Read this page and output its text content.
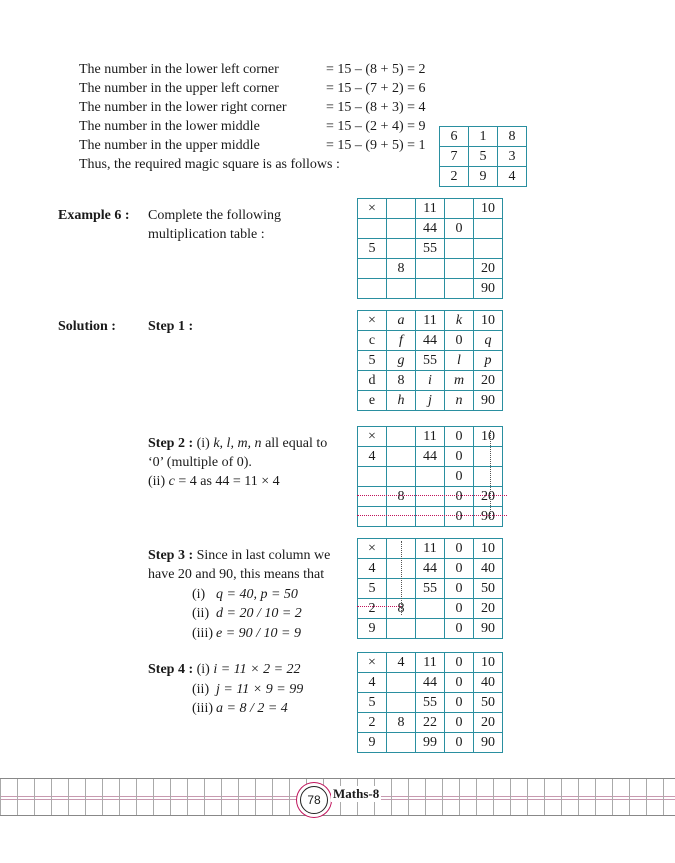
The number in the lower left corner	= 15 – (8 + 5) = 2
The number in the upper left corner	= 15 – (7 + 2) = 6
The number in the lower right corner	= 15 – (8 + 3) = 4
The number in the lower middle	= 15 – (2 + 4) = 9
The number in the upper middle	= 15 – (9 + 5) = 1
Thus, the required magic square is as follows :
6	1	8
7	5	3
2	9	4
Example 6 : Complete the following
multiplication table :
×		11		10
		44	0	
5		55		
	8			20
				90
Solution : Step 1 :	×	a	11	k	10
c	f	44	0	q
5	g	55	l	p
d	8	i	m	20
e	h	j	n	90
Step 2 : (i) k, l, m, n all equal to
‘0’ (multiple of 0).
(ii) c = 4 as 44 = 11 × 4
×		11	0	10
4		44	0	
			0	
	8		0	20
			0	90
Step 3 : Since in last column we
have 20 and 90, this means that
(i) q = 40, p = 50
(ii) d = 20 / 10 = 2
(iii) e = 90 / 10 = 9
×		11	0	10
4		44	0	40
5		55	0	50
2	8		0	20
9			0	90
Step 4 : (i) i = 11 × 2 = 22
(ii) j = 11 × 9 = 99
(iii) a = 8 / 2 = 4
×	4	11	0	10
4		44	0	40
5		55	0	50
2	8	22	0	20
9		99	0	90
78 Maths-8
